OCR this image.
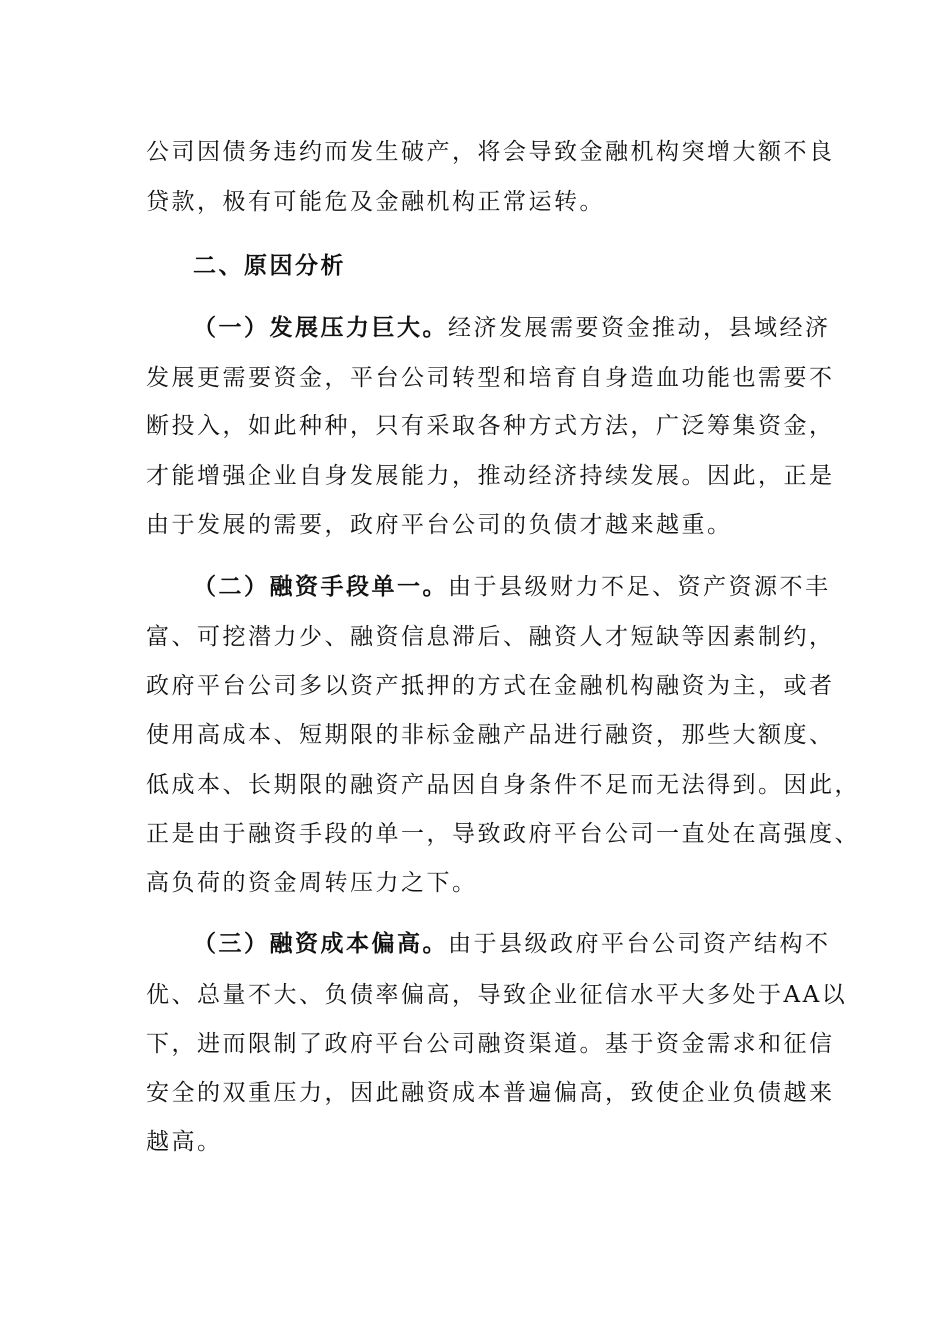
公司因债务违约而发生破产，将会导致金融机构突增大额不良
贷款，极有可能危及金融机构正常运转。
二、原因分析
（一）发展压力巨大。经济发展需要资金推动，县域经济
发展更需要资金，平台公司转型和培育自身造血功能也需要不
断投入，如此种种，只有采取各种方式方法，广泛筹集资金，
才能增强企业自身发展能力，推动经济持续发展。因此，正是
由于发展的需要，政府平台公司的负债才越来越重。
（二）融资手段单一。由于县级财力不足、资产资源不丰
富、可挖潜力少、融资信息滞后、融资人才短缺等因素制约，
政府平台公司多以资产抵押的方式在金融机构融资为主，或者
使用高成本、短期限的非标金融产品进行融资，那些大额度、
低成本、长期限的融资产品因自身条件不足而无法得到。因此，
正是由于融资手段的单一，导致政府平台公司一直处在高强度、
高负荷的资金周转压力之下。
（三）融资成本偏高。由于县级政府平台公司资产结构不
优、总量不大、负债率偏高，导致企业征信水平大多处于AA以
下，进而限制了政府平台公司融资渠道。基于资金需求和征信
安全的双重压力，因此融资成本普遍偏高，致使企业负债越来
越高。
